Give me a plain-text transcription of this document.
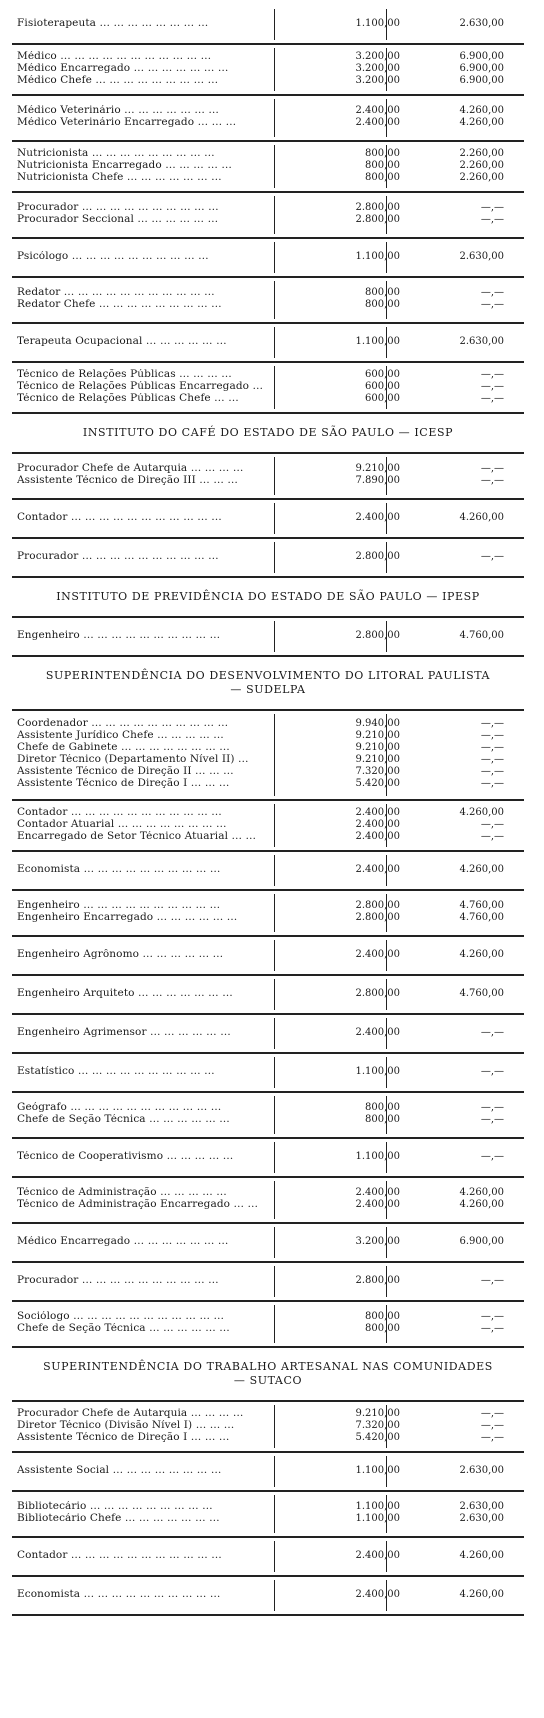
Fisioterapeuta … … … … … … … …	1.100,00	2.630,00
Médico … … … … … … … … … … …	3.200,00	6.900,00
Médico Encarregado … … … … … … …	3.200,00	6.900,00
Médico Chefe … … … … … … … … …	3.200,00	6.900,00
Médico Veterinário … … … … … … …	2.400,00	4.260,00
Médico Veterinário Encarregado … … …	2.400,00	4.260,00
Nutricionista … … … … … … … … …	800,00	2.260,00
Nutricionista Encarregado … … … … …	800,00	2.260,00
Nutricionista Chefe … … … … … … …	800,00	2.260,00
Procurador … … … … … … … … … …	2.800,00	—,—
Procurador Seccional … … … … … …	2.800,00	—,—
Psicólogo … … … … … … … … … …	1.100,00	2.630,00
Redator … … … … … … … … … … …	800,00	—,—
Redator Chefe … … … … … … … … …	800,00	—,—
Terapeuta Ocupacional … … … … … …	1.100,00	2.630,00
Técnico de Relações Públicas … … … …	600,00	—,—
Técnico de Relações Públicas Encarregado …	600,00	—,—
Técnico de Relações Públicas Chefe … …	600,00	—,—
INSTITUTO DO CAFÉ DO ESTADO DE SÃO PAULO — ICESP
Procurador Chefe de Autarquia … … … …	9.210,00	—,—
Assistente Técnico de Direção III … … …	7.890,00	—,—
Contador … … … … … … … … … … …	2.400,00	4.260,00
Procurador … … … … … … … … … …	2.800,00	—,—
INSTITUTO DE PREVIDÊNCIA DO ESTADO DE SÃO PAULO — IPESP
Engenheiro … … … … … … … … … …	2.800,00	4.760,00
SUPERINTENDÊNCIA DO DESENVOLVIMENTO DO LITORAL PAULISTA
— SUDELPA
Coordenador … … … … … … … … … …	9.940,00	—,—
Assistente Jurídico Chefe … … … … …	9.210,00	—,—
Chefe de Gabinete … … … … … … … …	9.210,00	—,—
Diretor Técnico (Departamento Nível II) …	9.210,00	—,—
Assistente Técnico de Direção II … … …	7.320,00	—,—
Assistente Técnico de Direção I … … …	5.420,00	—,—
Contador … … … … … … … … … … …	2.400,00	4.260,00
Contador Atuarial … … … … … … … …	2.400,00	—,—
Encarregado de Setor Técnico Atuarial … …	2.400,00	—,—
Economista … … … … … … … … … …	2.400,00	4.260,00
Engenheiro … … … … … … … … … …	2.800,00	4.760,00
Engenheiro Encarregado … … … … … …	2.800,00	4.760,00
Engenheiro Agrônomo … … … … … …	2.400,00	4.260,00
Engenheiro Arquiteto … … … … … … …	2.800,00	4.760,00
Engenheiro Agrimensor … … … … … …	2.400,00	—,—
Estatístico … … … … … … … … … …	1.100,00	—,—
Geógrafo … … … … … … … … … … …	800,00	—,—
Chefe de Seção Técnica … … … … … …	800,00	—,—
Técnico de Cooperativismo … … … … …	1.100,00	—,—
Técnico de Administração … … … … …	2.400,00	4.260,00
Técnico de Administração Encarregado … …	2.400,00	4.260,00
Médico Encarregado … … … … … … …	3.200,00	6.900,00
Procurador … … … … … … … … … …	2.800,00	—,—
Sociólogo … … … … … … … … … … …	800,00	—,—
Chefe de Seção Técnica … … … … … …	800,00	—,—
SUPERINTENDÊNCIA DO TRABALHO ARTESANAL NAS COMUNIDADES
— SUTACO
Procurador Chefe de Autarquia … … … …	9.210,00	—,—
Diretor Técnico (Divisão Nível I) … … …	7.320,00	—,—
Assistente Técnico de Direção I … … …	5.420,00	—,—
Assistente Social … … … … … … … …	1.100,00	2.630,00
Bibliotecário … … … … … … … … …	1.100,00	2.630,00
Bibliotecário Chefe … … … … … … …	1.100,00	2.630,00
Contador … … … … … … … … … … …	2.400,00	4.260,00
Economista … … … … … … … … … …	2.400,00	4.260,00
